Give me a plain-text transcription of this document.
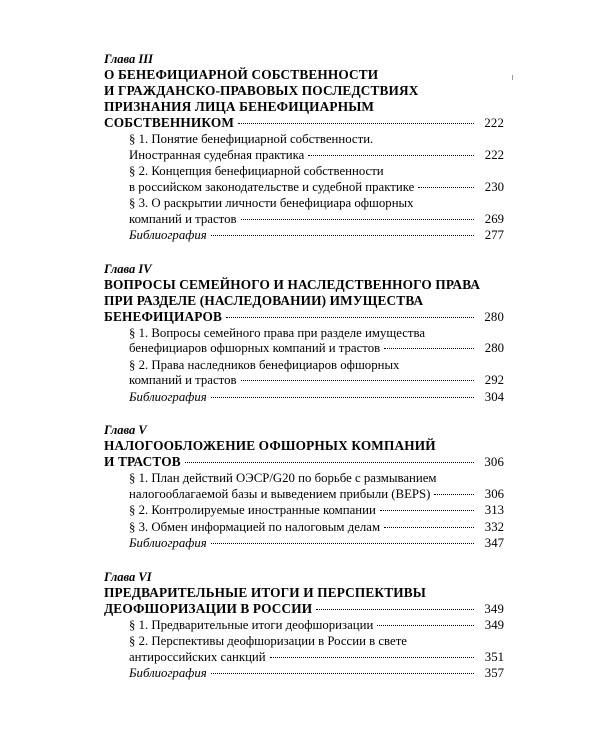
Глава III
О БЕНЕФИЦИАРНОЙ СОБСТВЕННОСТИ
И ГРАЖДАНСКО-ПРАВОВЫХ ПОСЛЕДСТВИЯХ
ПРИЗНАНИЯ ЛИЦА БЕНЕФИЦИАРНЫМ
СОБСТВЕННИКОМ	222
§ 1. Понятие бенефициарной собственности.
Иностранная судебная практика	222
§ 2. Концепция бенефициарной собственности
в российском законодательстве и судебной практике	230
§ 3. О раскрытии личности бенефициара офшорных
компаний и трастов	269
Библиография	277
Глава IV
ВОПРОСЫ СЕМЕЙНОГО И НАСЛЕДСТВЕННОГО ПРАВА
ПРИ РАЗДЕЛЕ (НАСЛЕДОВАНИИ) ИМУЩЕСТВА
БЕНЕФИЦИАРОВ	280
§ 1. Вопросы семейного права при разделе имущества
бенефициаров офшорных компаний и трастов	280
§ 2. Права наследников бенефициаров офшорных
компаний и трастов	292
Библиография	304
Глава V
НАЛОГООБЛОЖЕНИЕ ОФШОРНЫХ КОМПАНИЙ
И ТРАСТОВ	306
§ 1. План действий ОЭСР/G20 по борьбе с размыванием
налогооблагаемой базы и выведением прибыли (BEPS)	306
§ 2. Контролируемые иностранные компании	313
§ 3. Обмен информацией по налоговым делам	332
Библиография	347
Глава VI
ПРЕДВАРИТЕЛЬНЫЕ ИТОГИ И ПЕРСПЕКТИВЫ
ДЕОФШОРИЗАЦИИ В РОССИИ	349
§ 1. Предварительные итоги деофшоризации	349
§ 2. Перспективы деофшоризации в России в свете
антироссийских санкций	351
Библиография	357
